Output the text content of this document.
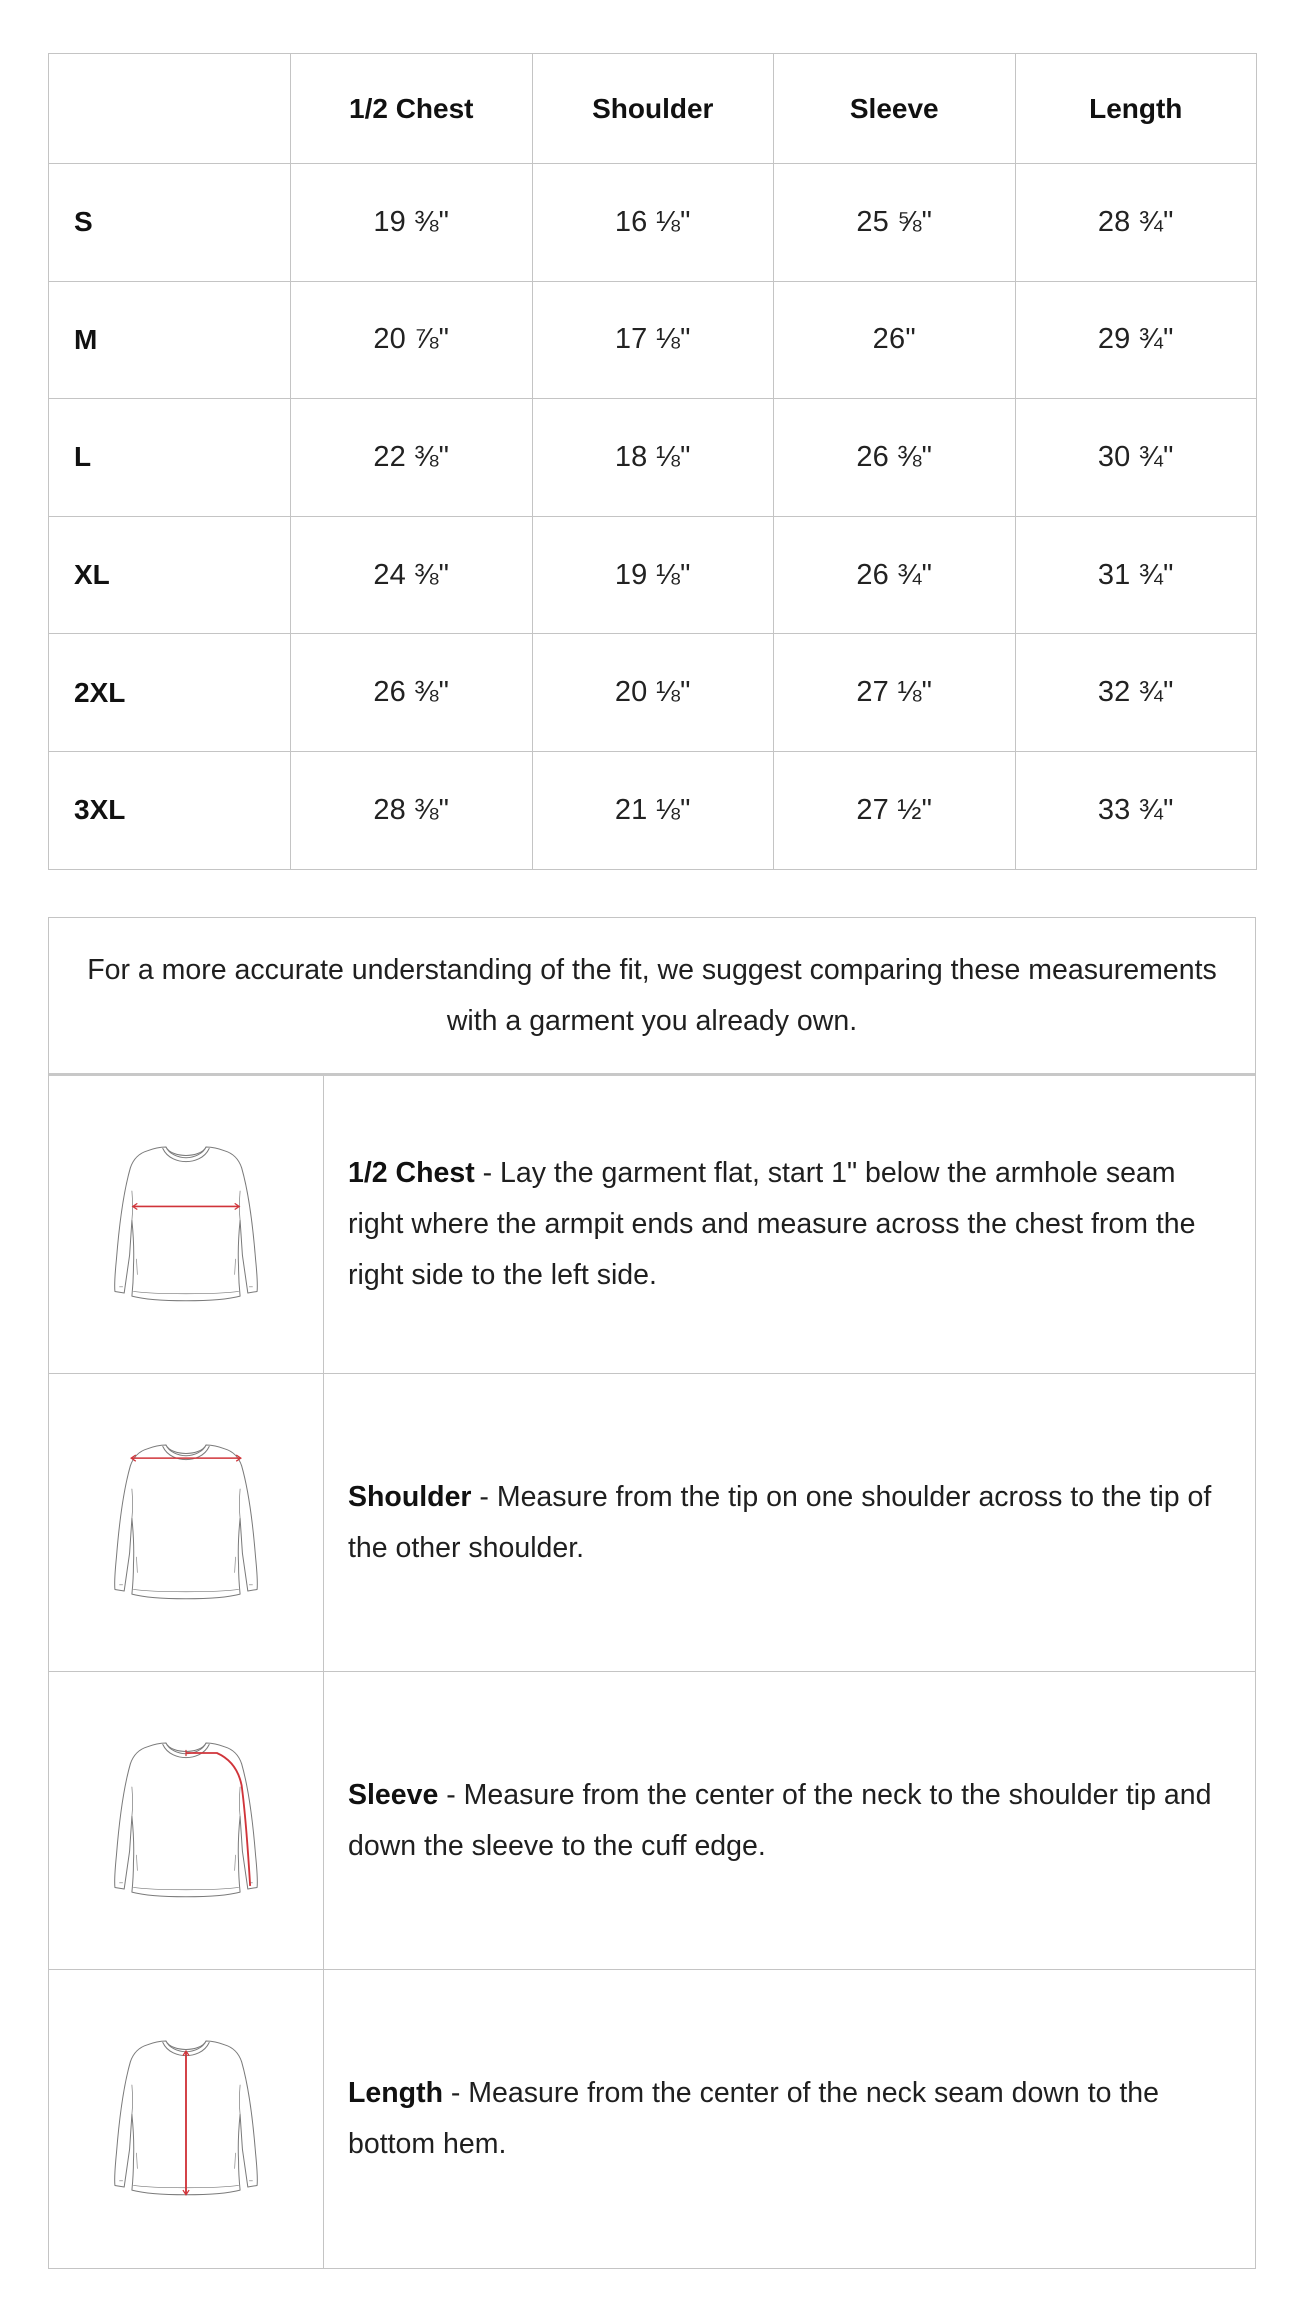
	1/2 Chest	Shoulder	Sleeve	Length
S	19 ⅜"	16 ⅛"	25 ⅝"	28 ¾"
M	20 ⅞"	17 ⅛"	26"	29 ¾"
L	22 ⅜"	18 ⅛"	26 ⅜"	30 ¾"
XL	24 ⅜"	19 ⅛"	26 ¾"	31 ¾"
2XL	26 ⅜"	20 ⅛"	27 ⅛"	32 ¾"
3XL	28 ⅜"	21 ⅛"	27 ½"	33 ¾"
For a more accurate understanding of the fit, we suggest comparing these measurements
with a garment you already own.

1/2 Chest - Lay the garment flat, start 1" below the armhole seam right where the armpit ends and measure across the chest from the right side to the left side.

Shoulder - Measure from the tip on one shoulder across to the tip of the other shoulder.

Sleeve - Measure from the center of the neck to the shoulder tip and down the sleeve to the cuff edge.

Length - Measure from the center of the neck seam down to the bottom hem.
